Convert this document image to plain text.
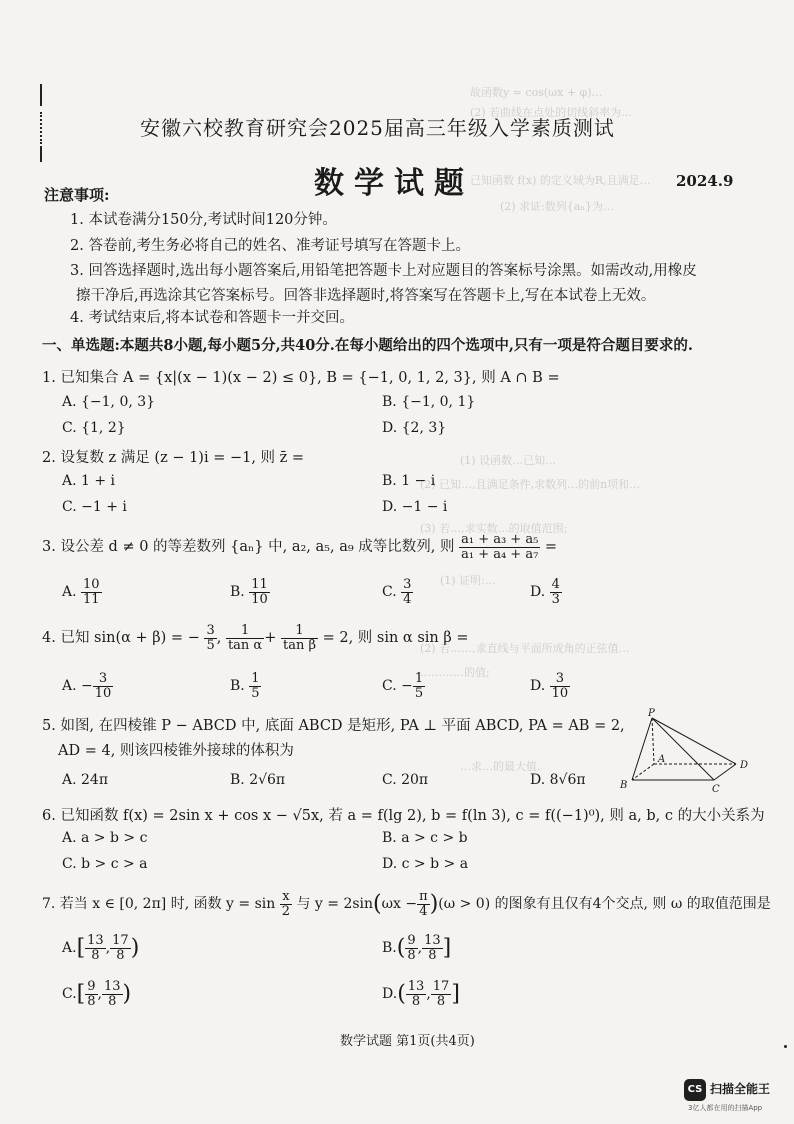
故函数y = cos(ωx + φ)…
(2) 若曲线在点处的切线斜率为…
已知函数 f(x) 的定义域为R,且满足…
(2) 求证:数列{aₙ}为…
(1) 设函数…已知…
(2) 已知…,且满足条件,求数列…的前n项和…
(3) 若…,求实数…的取值范围;
(1) 证明:…
(2) 若……,求直线与平面所成角的正弦值…
…………的值;
…求…的最大值.
安徽六校教育研究会2025届高三年级入学素质测试
数学试题	2024.9
注意事项:
1. 本试卷满分150分,考试时间120分钟。
2. 答卷前,考生务必将自己的姓名、准考证号填写在答题卡上。
3. 回答选择题时,选出每小题答案后,用铅笔把答题卡上对应题目的答案标号涂黑。如需改动,用橡皮
擦干净后,再选涂其它答案标号。回答非选择题时,将答案写在答题卡上,写在本试卷上无效。
4. 考试结束后,将本试卷和答题卡一并交回。
一、单选题:本题共8小题,每小题5分,共40分.在每小题给出的四个选项中,只有一项是符合题目要求的.
1. 已知集合 A = {x|(x − 1)(x − 2) ≤ 0}, B = {−1, 0, 1, 2, 3}, 则 A ∩ B =
A. {−1, 0, 3}	B. {−1, 0, 1}
C. {1, 2}	D. {2, 3}
2. 设复数 z 满足 (z − 1)i = −1, 则 z̄ =
A. 1 + i	B. 1 − i
C. −1 + i	D. −1 − i
3. 设公差 d ≠ 0 的等差数列 {aₙ} 中, a₂, a₅, a₉ 成等比数列, 则 $\frac{\text{a₁ + a₃ + a₅}}{\text{a₁ + a₄ + a₇}}$ =
A. $\frac{10}{11}$	B. $\frac{11}{10}$	C. $\frac{3}{4}$	D. $\frac{4}{3}$
4. 已知 sin(α + β) = − $\frac{3}{5}$ , $\frac{1}{\text{tan α}} + \frac{1}{\text{tan β}} = 2$, 则 sin α sin β =
A. − $\frac{3}{10}$	B. $\frac{1}{5}$	C. − $\frac{1}{5}$	D. $\frac{3}{10}$
5. 如图, 在四棱锥 P − ABCD 中, 底面 ABCD 是矩形, PA ⊥ 平面 ABCD, PA = AB = 2,
AD = 4, 则该四棱锥外接球的体积为
A. 24π	B. 2√6π	C. 20π	D. 8√6π
P
A
B	C
D
6. 已知函数 f(x) = 2sin x + cos x − √5x, 若 a = f(lg 2), b = f(ln 3), c = f((−1)⁰), 则 a, b, c 的大小关系为
A. a > b > c	B. a > c > b
C. b > c > a	D. c > b > a
7. 若当 x ∈ [0, 2π] 时, 函数 $y = \sin \frac{x}{2}$ 与 $y = 2\sin(\omega x - \frac{\pi}{4} )(\omega > 0)$ 的图象有且仅有4个交点, 则 ω 的取值范围是
$A.[ \frac{13}{8}$ , $\frac{17}{8}$ )	$B.( \frac{9}{8}$ , $\frac{13}{8}$ ]
$C.[ \frac{9}{8}$ , $\frac{13}{8}$ )	$D.( \frac{13}{8}$ , $\frac{17}{8}$ ]
数学试题 第1页(共4页)
CS 扫描全能王
3亿人都在用的扫描App
